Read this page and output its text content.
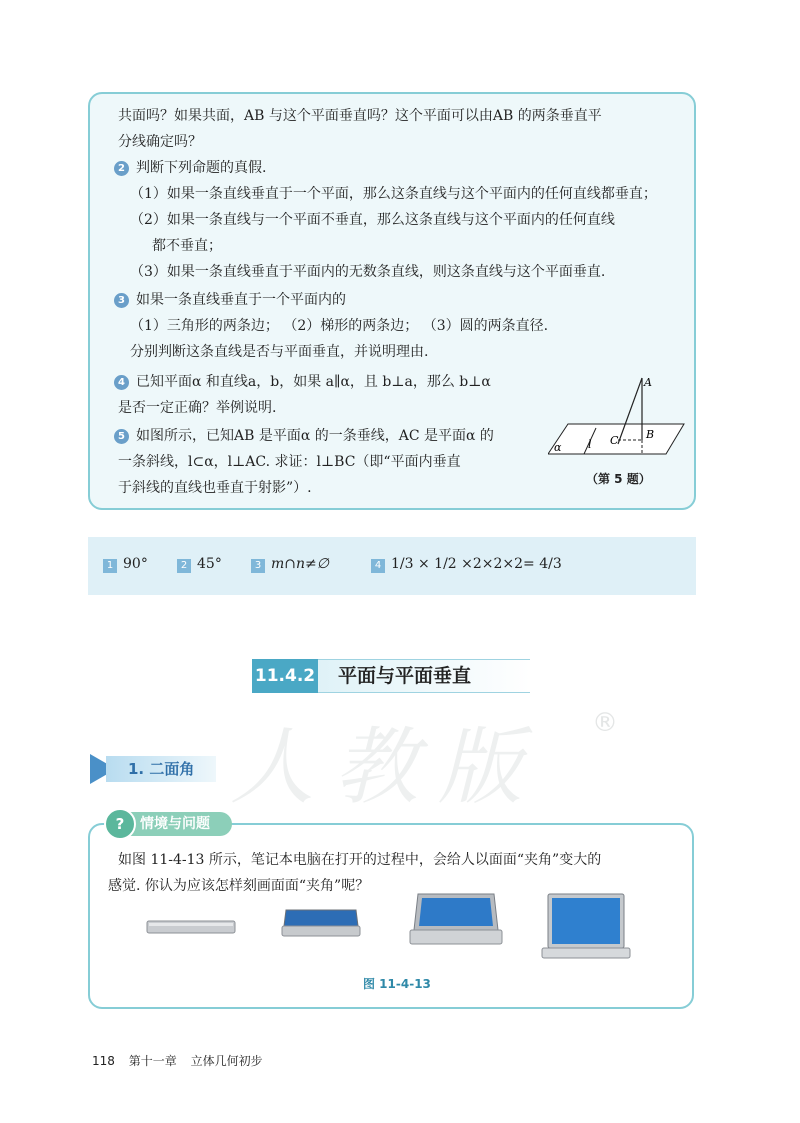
共面吗？如果共面，AB 与这个平面垂直吗？这个平面可以由AB 的两条垂直平
分线确定吗？
2 判断下列命题的真假.
（1）如果一条直线垂直于一个平面，那么这条直线与这个平面内的任何直线都垂直；
（2）如果一条直线与一个平面不垂直，那么这条直线与这个平面内的任何直线
都不垂直；
（3）如果一条直线垂直于平面内的无数条直线，则这条直线与这个平面垂直.
3 如果一条直线垂直于一个平面内的
（1）三角形的两条边； （2）梯形的两条边； （3）圆的两条直径.
分别判断这条直线是否与平面垂直，并说明理由.
4 已知平面α 和直线a，b，如果 a∥α，且 b⊥a，那么 b⊥α
是否一定正确？举例说明.
5 如图所示，已知AB 是平面α 的一条垂线，AC 是平面α 的
一条斜线，l⊂α，l⊥AC. 求证：l⊥BC（即“平面内垂直
于斜线的直线也垂直于射影”）.
A
B
C
l
α
（第 5 题）
1 90°	2 45°	3 m∩n≠∅	4 1/3 × 1/2 ×2×2×2= 4/3
11.4.2	平面与平面垂直
人教版 ®
1. 二面角
情境与问题
?
如图 11-4-13 所示，笔记本电脑在打开的过程中，会给人以面面“夹角”变大的
感觉. 你认为应该怎样刻画面面“夹角”呢？
图 11-4-13
118 第十一章 立体几何初步
